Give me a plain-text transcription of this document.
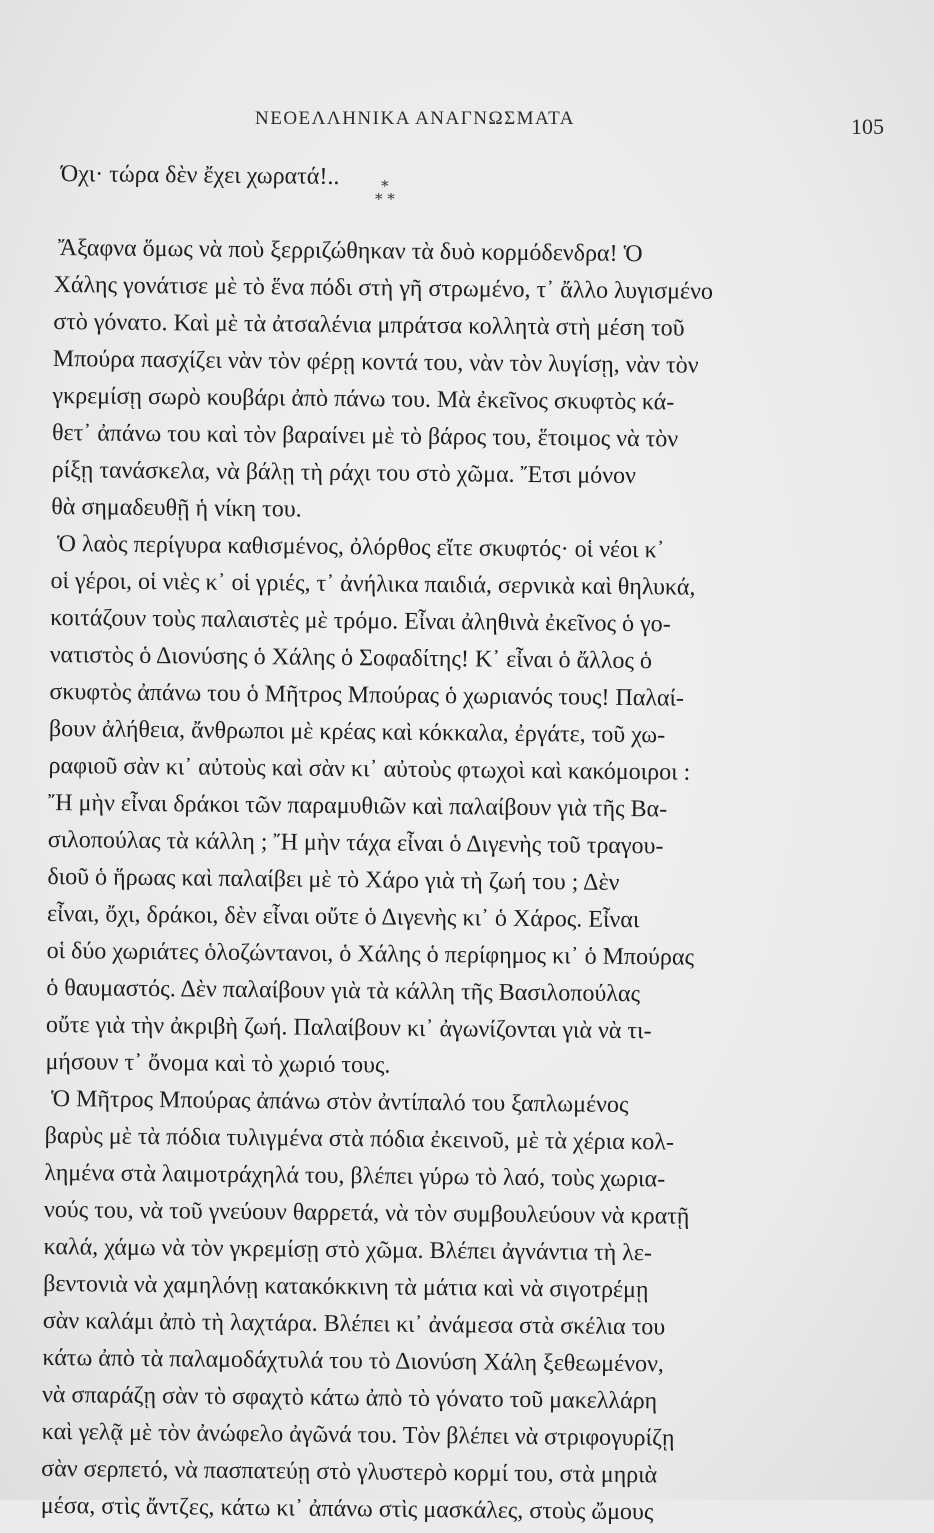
ΝΕΟΕΛΛΗΝΙΚΑ ΑΝΑΓΝΩΣΜΑΤΑ	105
*
* *
Όχι· τώρα δὲν ἔχει χωρατά!..
Ἄξαφνα ὅμως νὰ ποὺ ξερριζώθηκαν τὰ δυὸ κορμόδενδρα! Ὁ
Χάλης γονάτισε μὲ τὸ ἕνα πόδι στὴ γῆ στρωμένο, τ᾽ ἄλλο λυγισμένο
στὸ γόνατο. Καὶ μὲ τὰ ἀτσαλένια μπράτσα κολλητὰ στὴ μέση τοῦ
Μπούρα πασχίζει νὰν τὸν φέρῃ κοντά του, νὰν τὸν λυγίσῃ, νὰν τὸν
γκρεμίσῃ σωρὸ κουβάρι ἀπὸ πάνω του. Μὰ ἐκεῖνος σκυφτὸς κά-
θετ᾽ ἀπάνω του καὶ τὸν βαραίνει μὲ τὸ βάρος του, ἕτοιμος νὰ τὸν
ρίξῃ τανάσκελα, νὰ βάλῃ τὴ ράχι του στὸ χῶμα. Ἔτσι μόνον
θὰ σημαδευθῇ ἡ νίκη του.
Ὁ λαὸς περίγυρα καθισμένος, ὀλόρθος εἴτε σκυφτός· οἱ νέοι κ᾽
οἱ γέροι, οἱ νιὲς κ᾽ οἱ γριές, τ᾽ ἀνήλικα παιδιά, σερνικὰ καὶ θηλυκά,
κοιτάζουν τοὺς παλαιστὲς μὲ τρόμο. Εἶναι ἀληθινὰ ἐκεῖνος ὁ γο-
νατιστὸς ὁ Διονύσης ὁ Χάλης ὁ Σοφαδίτης! Κ᾽ εἶναι ὁ ἄλλος ὁ
σκυφτὸς ἀπάνω του ὁ Μῆτρος Μπούρας ὁ χωριανός τους! Παλαί-
βουν ἀλήθεια, ἄνθρωποι μὲ κρέας καὶ κόκκαλα, ἐργάτε, τοῦ χω-
ραφιοῦ σὰν κι᾽ αὐτοὺς καὶ σὰν κι᾽ αὐτοὺς φτωχοὶ καὶ κακόμοιροι :
Ἤ μὴν εἶναι δράκοι τῶν παραμυθιῶν καὶ παλαίβουν γιὰ τῆς Βα-
σιλοπούλας τὰ κάλλη ; Ἤ μὴν τάχα εἶναι ὁ Διγενὴς τοῦ τραγου-
διοῦ ὁ ἥρωας καὶ παλαίβει μὲ τὸ Χάρο γιὰ τὴ ζωή του ; Δὲν
εἶναι, ὄχι, δράκοι, δὲν εἶναι οὔτε ὁ Διγενὴς κι᾽ ὁ Χάρος. Εἶναι
οἱ δύο χωριάτες ὁλοζώντανοι, ὁ Χάλης ὁ περίφημος κι᾽ ὁ Μπούρας
ὁ θαυμαστός. Δὲν παλαίβουν γιὰ τὰ κάλλη τῆς Βασιλοπούλας
οὔτε γιὰ τὴν ἀκριβὴ ζωή. Παλαίβουν κι᾽ ἀγωνίζονται γιὰ νὰ τι-
μήσουν τ᾽ ὄνομα καὶ τὸ χωριό τους.
Ὁ Μῆτρος Μπούρας ἀπάνω στὸν ἀντίπαλό του ξαπλωμένος
βαρὺς μὲ τὰ πόδια τυλιγμένα στὰ πόδια ἐκεινοῦ, μὲ τὰ χέρια κολ-
λημένα στὰ λαιμοτράχηλά του, βλέπει γύρω τὸ λαό, τοὺς χωρια-
νούς του, νὰ τοῦ γνεύουν θαρρετά, νὰ τὸν συμβουλεύουν νὰ κρατῇ
καλά, χάμω νὰ τὸν γκρεμίσῃ στὸ χῶμα. Βλέπει ἀγνάντια τὴ λε-
βεντονιὰ νὰ χαμηλόνῃ κατακόκκινη τὰ μάτια καὶ νὰ σιγοτρέμῃ
σὰν καλάμι ἀπὸ τὴ λαχτάρα. Βλέπει κι᾽ ἀνάμεσα στὰ σκέλια του
κάτω ἀπὸ τὰ παλαμοδάχτυλά του τὸ Διονύση Χάλη ξεθεωμένον,
νὰ σπαράζῃ σὰν τὸ σφαχτὸ κάτω ἀπὸ τὸ γόνατο τοῦ μακελλάρη
καὶ γελᾷ μὲ τὸν ἀνώφελο ἀγῶνά του. Τὸν βλέπει νὰ στριφογυρίζῃ
σὰν σερπετό, νὰ πασπατεύῃ στὸ γλυστερὸ κορμί του, στὰ μηριὰ
μέσα, στὶς ἄντζες, κάτω κι᾽ ἀπάνω στὶς μασκάλες, στοὺς ὤμους
